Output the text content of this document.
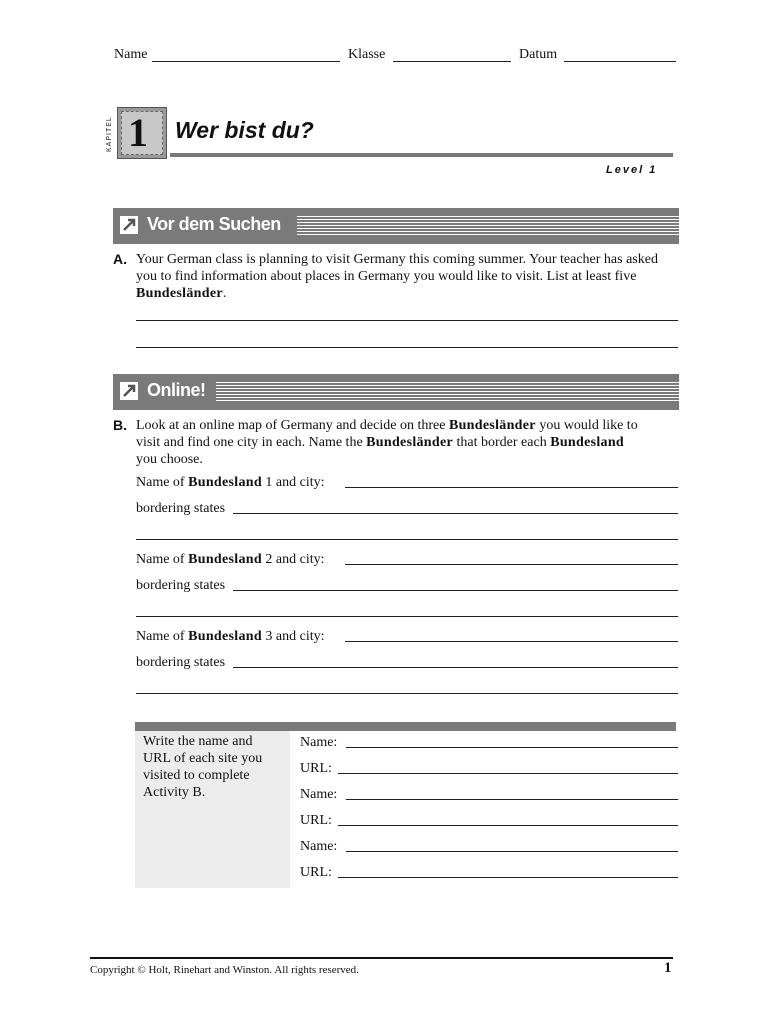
Name	Klasse	Datum
KAPITEL 1 Wer bist du?
Level 1
Vor dem Suchen
A. Your German class is planning to visit Germany this coming summer. Your teacher has asked you to find information about places in Germany you would like to visit. List at least five Bundesländer.
Online!
B. Look at an online map of Germany and decide on three Bundesländer you would like to visit and find one city in each. Name the Bundesländer that border each Bundesland you choose.
Name of Bundesland 1 and city:
bordering states
Name of Bundesland 2 and city:
bordering states
Name of Bundesland 3 and city:
bordering states
Write the name and URL of each site you visited to complete Activity B.
Name:
URL:
Name:
URL:
Name:
URL:
Copyright © Holt, Rinehart and Winston. All rights reserved.	1
